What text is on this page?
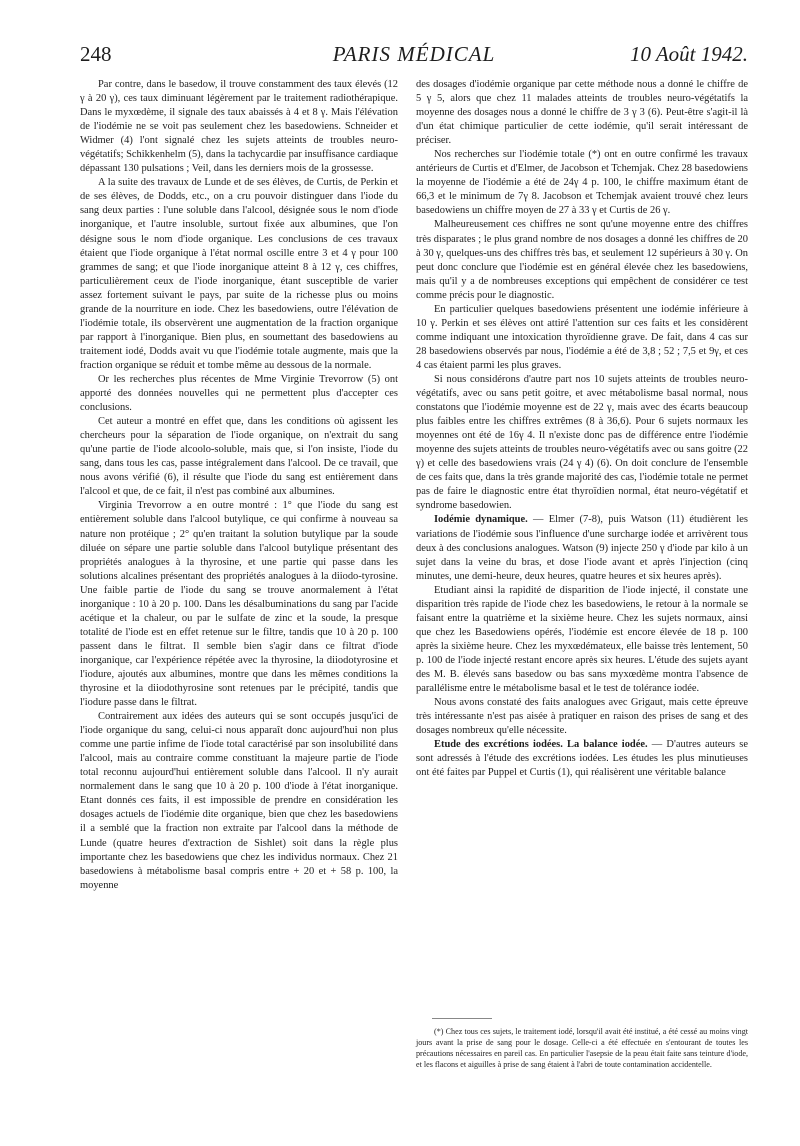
248	PARIS MÉDICAL	10 Août 1942.

Par contre, dans le basedow, il trouve constamment des taux élevés (12 γ à 20 γ), ces taux diminuant légèrement par le traitement radiothérapique. Dans le myxœdème, il signale des taux abaissés à 4 et 8 γ. Mais l'élévation de l'iodémie ne se voit pas seulement chez les basedowiens. Schneider et Widmer (4) l'ont signalé chez les sujets atteints de troubles neuro-végétatifs; Schikkenhelm (5), dans la tachycardie par insuffisance cardiaque dépassant 130 pulsations ; Veil, dans les derniers mois de la grossesse.

A la suite des travaux de Lunde et de ses élèves, de Curtis, de Perkin et de ses élèves, de Dodds, etc., on a cru pouvoir distinguer dans l'iode du sang deux parties : l'une soluble dans l'alcool, désignée sous le nom d'iode inorganique, et l'autre insoluble, surtout fixée aux albumines, que l'on désigne sous le nom d'iode organique. Les conclusions de ces travaux étaient que l'iode organique à l'état normal oscille entre 3 et 4 γ pour 100 grammes de sang; et que l'iode inorganique atteint 8 à 12 γ, ces chiffres, particulièrement ceux de l'iode inorganique, étant susceptible de varier assez fortement suivant le pays, par suite de la richesse plus ou moins grande de la nourriture en iode. Chez les basedowiens, outre l'élévation de l'iodémie totale, ils observèrent une augmentation de la fraction organique par rapport à l'inorganique. Bien plus, en soumettant des basedowiens au traitement iodé, Dodds avait vu que l'iodémie totale augmente, mais que la fraction organique se réduit et tombe même au dessous de la normale.

Or les recherches plus récentes de Mme Virginie Trevorrow (5) ont apporté des données nouvelles qui ne permettent plus d'accepter ces conclusions.

Cet auteur a montré en effet que, dans les conditions où agissent les chercheurs pour la séparation de l'iode organique, on n'extrait du sang qu'une partie de l'iode alcoolo-soluble, mais que, si l'on insiste, l'iode du sang, dans tous les cas, passe intégralement dans l'alcool. De ce travail, que nous avons vérifié (6), il résulte que l'iode du sang est entièrement dans l'alcool et que, de ce fait, il n'est pas combiné aux albumines.

Virginia Trevorrow a en outre montré : 1° que l'iode du sang est entièrement soluble dans l'alcool butylique, ce qui confirme à nouveau sa nature non protéique ; 2° qu'en traitant la solution butylique par la soude diluée on sépare une partie soluble dans l'alcool butylique présentant des propriétés analogues à la thyrosine, et une partie qui passe dans les solutions alcalines présentant des propriétés analogues à la diiodo-tyrosine. Une faible partie de l'iode du sang se trouve anormalement à l'état inorganique : 10 à 20 p. 100. Dans les désalbuminations du sang par l'acide acétique et la chaleur, ou par le sulfate de zinc et la soude, la presque totalité de l'iode est en effet retenue sur le filtre, tandis que 10 à 20 p. 100 passent dans le filtrat. Il semble bien s'agir dans ce filtrat d'iode inorganique, car l'expérience répétée avec la thyrosine, la diiodotyrosine et l'iodure, ajoutés aux albumines, montre que dans les mêmes conditions la thyrosine et la diiodothyrosine sont retenues par le précipité, tandis que l'iodure passe dans le filtrat.

Contrairement aux idées des auteurs qui se sont occupés jusqu'ici de l'iode organique du sang, celui-ci nous apparaît donc aujourd'hui non plus comme une partie infime de l'iode total caractérisé par son insolubilité dans l'alcool, mais au contraire comme constituant la majeure partie de l'iode total reconnu aujourd'hui entièrement soluble dans l'alcool. Il n'y aurait normalement dans le sang que 10 à 20 p. 100 d'iode à l'état inorganique. Etant donnés ces faits, il est impossible de prendre en considération les dosages actuels de l'iodémie dite organique, bien que chez les basedowiens il a semblé que la fraction non extraite par l'alcool dans la méthode de Lunde (quatre heures d'extraction de Sishlet) soit dans la règle plus importante chez les basedowiens que chez les individus normaux. Chez 21 basedowiens à métabolisme basal compris entre + 20 et + 58 p. 100, la moyenne

des dosages d'iodémie organique par cette méthode nous a donné le chiffre de 5 γ 5, alors que chez 11 malades atteints de troubles neuro-végétatifs la moyenne des dosages nous a donné le chiffre de 3 γ 3 (6). Peut-être s'agit-il là d'un état chimique particulier de cette iodémie, qu'il serait intéressant de préciser.

Nos recherches sur l'iodémie totale (*) ont en outre confirmé les travaux antérieurs de Curtis et d'Elmer, de Jacobson et Tchemjak. Chez 28 basedowiens la moyenne de l'iodémie a été de 24γ 4 p. 100, le chiffre maximum étant de 66,3 et le minimum de 7γ 8. Jacobson et Tchemjak avaient trouvé chez leurs basedowiens un chiffre moyen de 27 à 33 γ et Curtis de 26 γ.

Malheureusement ces chiffres ne sont qu'une moyenne entre des chiffres très disparates ; le plus grand nombre de nos dosages a donné les chiffres de 20 à 30 γ, quelques-uns des chiffres très bas, et seulement 12 supérieurs à 30 γ. On peut donc conclure que l'iodémie est en général élevée chez les basedowiens, mais qu'il y a de nombreuses exceptions qui empêchent de considérer ce test comme précis pour le diagnostic.

En particulier quelques basedowiens présentent une iodémie inférieure à 10 γ. Perkin et ses élèves ont attiré l'attention sur ces faits et les considèrent comme indiquant une intoxication thyroïdienne grave. De fait, dans 4 cas sur 28 basedowiens observés par nous, l'iodémie a été de 3,8 ; 52 ; 7,5 et 9γ, et ces 4 cas étaient parmi les plus graves.

Si nous considérons d'autre part nos 10 sujets atteints de troubles neuro-végétatifs, avec ou sans petit goitre, et avec métabolisme basal normal, nous constatons que l'iodémie moyenne est de 22 γ, mais avec des écarts beaucoup plus faibles entre les chiffres extrêmes (8 à 36,6). Pour 6 sujets normaux les moyennes ont été de 16γ 4. Il n'existe donc pas de différence entre l'iodémie moyenne des sujets atteints de troubles neuro-végétatifs avec ou sans goitre (22 γ) et celle des basedowiens vrais (24 γ 4) (6). On doit conclure de l'ensemble de ces faits que, dans la très grande majorité des cas, l'iodémie totale ne permet pas de faire le diagnostic entre état thyroïdien normal, état neuro-végétatif et syndrome basedowien.

Iodémie dynamique. — Elmer (7-8), puis Watson (11) étudièrent les variations de l'iodémie sous l'influence d'une surcharge iodée et arrivèrent tous deux à des conclusions analogues. Watson (9) injecte 250 γ d'iode par kilo à un sujet dans la veine du bras, et dose l'iode avant et après l'injection (cinq minutes, une demi-heure, deux heures, quatre heures et six heures après).

Etudiant ainsi la rapidité de disparition de l'iode injecté, il constate une disparition très rapide de l'iode chez les basedowiens, le retour à la normale se faisant entre la quatrième et la sixième heure. Chez les sujets normaux, ainsi que chez les Basedowiens opérés, l'iodémie est encore élevée de 18 p. 100 après la sixième heure. Chez les myxœdémateux, elle baisse très lentement, 50 p. 100 de l'iode injecté restant encore après six heures. L'étude des sujets ayant des M. B. élevés sans basedow ou bas sans myxœdème montra l'absence de parallélisme entre le métabolisme basal et le test de tolérance iodée.

Nous avons constaté des faits analogues avec Grigaut, mais cette épreuve très intéressante n'est pas aisée à pratiquer en raison des prises de sang et des dosages nombreux qu'elle nécessite.

Etude des excrétions iodées. La balance iodée. — D'autres auteurs se sont adressés à l'étude des excrétions iodées. Les études les plus minutieuses ont été faites par Puppel et Curtis (1), qui réalisèrent une véritable balance

(*) Chez tous ces sujets, le traitement iodé, lorsqu'il avait été institué, a été cessé au moins vingt jours avant la prise de sang pour le dosage. Celle-ci a été effectuée en s'entourant de toutes les précautions nécessaires en pareil cas. En particulier l'asepsie de la peau était faite sans teinture d'iode, et les flacons et aiguilles à prise de sang étaient à l'abri de toute contamination accidentelle.
